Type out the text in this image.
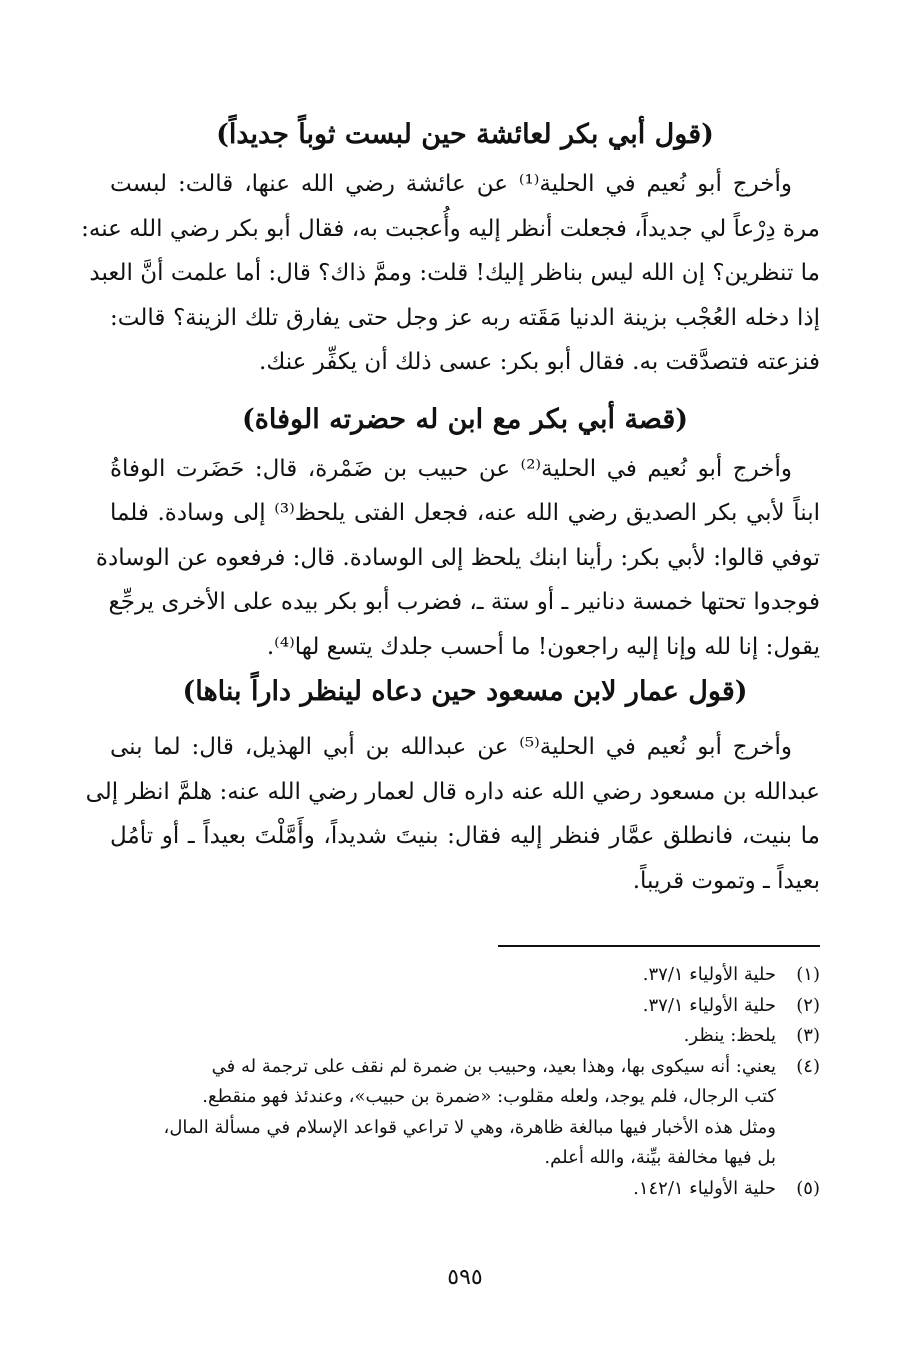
(قول أبي بكر لعائشة حين لبست ثوباً جديداً)

وأخرج أبو نُعيم في الحلية⁽¹⁾ عن عائشة رضي الله عنها، قالت: لبست
مرة دِرْعاً لي جديداً، فجعلت أنظر إليه وأُعجبت به، فقال أبو بكر رضي الله عنه:
ما تنظرين؟ إن الله ليس بناظر إليك! قلت: وممَّ ذاك؟ قال: أما علمت أنَّ العبد
إذا دخله العُجْب بزينة الدنيا مَقَته ربه عز وجل حتى يفارق تلك الزينة؟ قالت:
فنزعته فتصدَّقت به. فقال أبو بكر: عسى ذلك أن يكفِّر عنك.

(قصة أبي بكر مع ابن له حضرته الوفاة)

وأخرج أبو نُعيم في الحلية⁽²⁾ عن حبيب بن ضَمْرة، قال: حَضَرت الوفاةُ
ابناً لأبي بكر الصديق رضي الله عنه، فجعل الفتى يلحظ⁽³⁾ إلى وسادة. فلما
توفي قالوا: لأبي بكر: رأينا ابنك يلحظ إلى الوسادة. قال: فرفعوه عن الوسادة
فوجدوا تحتها خمسة دنانير ـ أو ستة ـ، فضرب أبو بكر بيده على الأخرى يرجِّع
يقول: إنا لله وإنا إليه راجعون! ما أحسب جلدك يتسع لها⁽⁴⁾.

(قول عمار لابن مسعود حين دعاه لينظر داراً بناها)

وأخرج أبو نُعيم في الحلية⁽⁵⁾ عن عبدالله بن أبي الهذيل، قال: لما بنى
عبدالله بن مسعود رضي الله عنه داره قال لعمار رضي الله عنه: هلمَّ انظر إلى
ما بنيت، فانطلق عمَّار فنظر إليه فقال: بنيتَ شديداً، وأَمَّلْتَ بعيداً ـ أو تأمُل
بعيداً ـ وتموت قريباً.

(١)
حلية الأولياء ٣٧/١.
(٢)
حلية الأولياء ٣٧/١.
(٣)
يلحظ: ينظر.
(٤)
يعني: أنه سيكوى بها، وهذا بعيد، وحبيب بن ضمرة لم نقف على ترجمة له في
كتب الرجال، فلم يوجد، ولعله مقلوب: «ضمرة بن حبيب»، وعندئذ فهو منقطع.
ومثل هذه الأخبار فيها مبالغة ظاهرة، وهي لا تراعي قواعد الإسلام في مسألة المال،
بل فيها مخالفة بيِّنة، والله أعلم.
(٥)
حلية الأولياء ١٤٢/١.
٥٩٥
